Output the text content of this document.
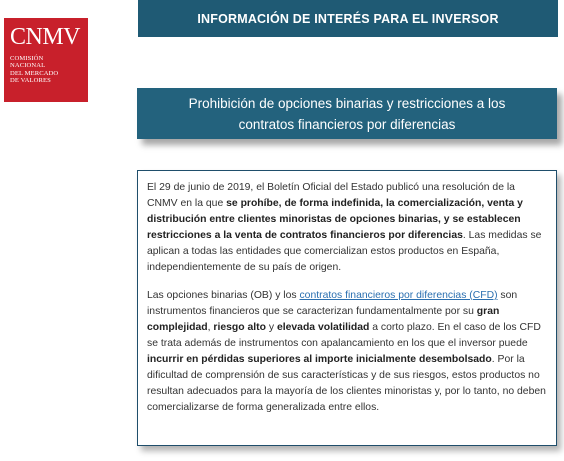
CNMV
COMISIÓN
NACIONAL
DEL MERCADO
DE VALORES
INFORMACIÓN DE INTERÉS PARA EL INVERSOR
Prohibición de opciones binarias y restricciones a los
contratos financieros por diferencias

El 29 de junio de 2019, el Boletín Oficial del Estado publicó una resolución de la CNMV en la que se prohíbe, de forma indefinida, la comercialización, venta y distribución entre clientes minoristas de opciones binarias, y se establecen restricciones a la venta de contratos financieros por diferencias. Las medidas se aplican a todas las entidades que comercializan estos productos en España, independientemente de su país de origen.

Las opciones binarias (OB) y los contratos financieros por diferencias (CFD) son instrumentos financieros que se caracterizan fundamentalmente por su gran complejidad, riesgo alto y elevada volatilidad a corto plazo. En el caso de los CFD se trata además de instrumentos con apalancamiento en los que el inversor puede incurrir en pérdidas superiores al importe inicialmente desembolsado. Por la dificultad de comprensión de sus características y de sus riesgos, estos productos no resultan adecuados para la mayoría de los clientes minoristas y, por lo tanto, no deben comercializarse de forma generalizada entre ellos.
